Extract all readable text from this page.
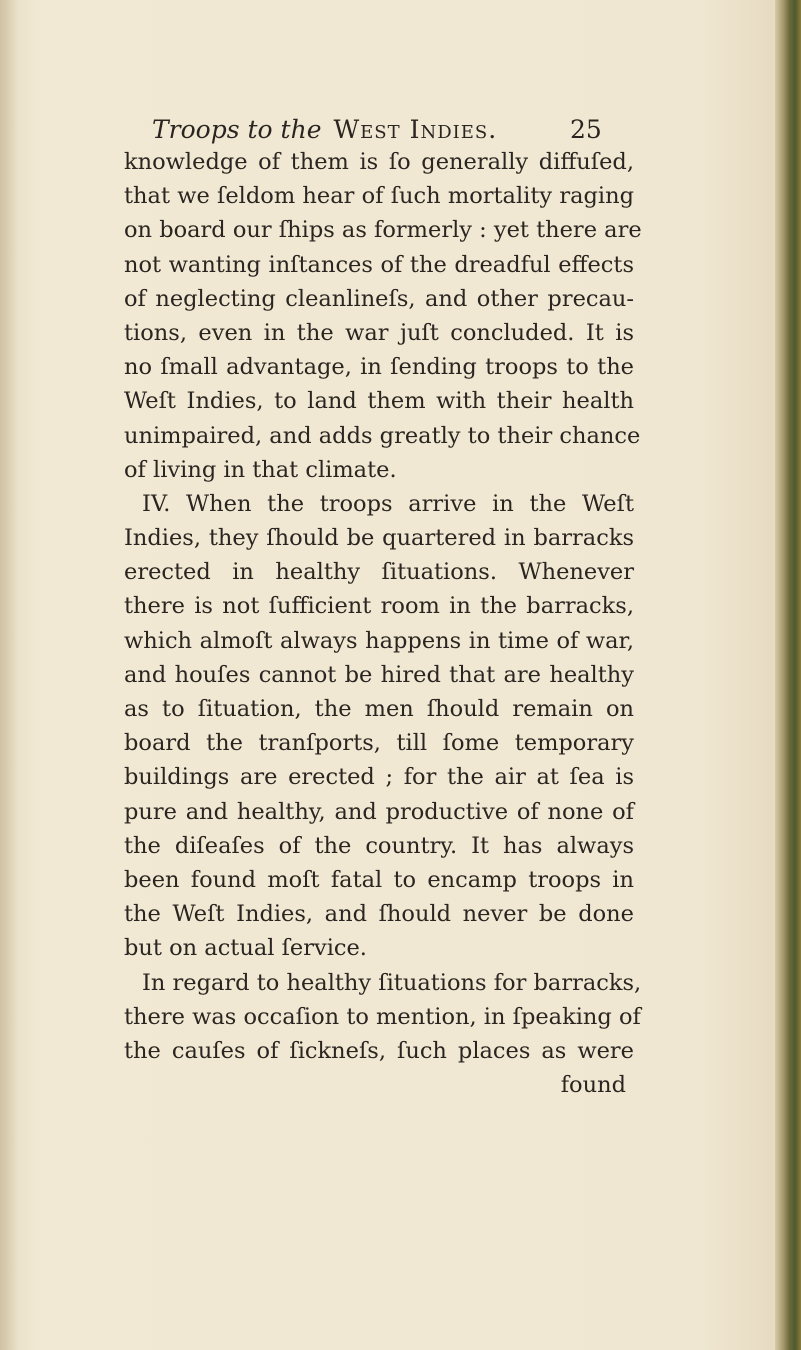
Troops to the West Indies.	25
knowledge of them is ſo generally diffuſed,
that we ſeldom hear of ſuch mortality raging
on board our ſhips as formerly : yet there are
not wanting inſtances of the dreadful effects
of neglecting cleanlineſs, and other precau-
tions, even in the war juſt concluded. It is
no ſmall advantage, in ſending troops to the
Weſt Indies, to land them with their health
unimpaired, and adds greatly to their chance
of living in that climate.
IV. When the troops arrive in the Weſt
Indies, they ſhould be quartered in barracks
erected in healthy ſituations. Whenever
there is not ſufficient room in the barracks,
which almoſt always happens in time of war,
and houſes cannot be hired that are healthy
as to ſituation, the men ſhould remain on
board the tranſports, till ſome temporary
buildings are erected ; for the air at ſea is
pure and healthy, and productive of none of
the diſeaſes of the country. It has always
been found moſt fatal to encamp troops in
the Weſt Indies, and ſhould never be done
but on actual ſervice.
In regard to healthy ſituations for barracks,
there was occaſion to mention, in ſpeaking of
the cauſes of ſickneſs, ſuch places as were
found
